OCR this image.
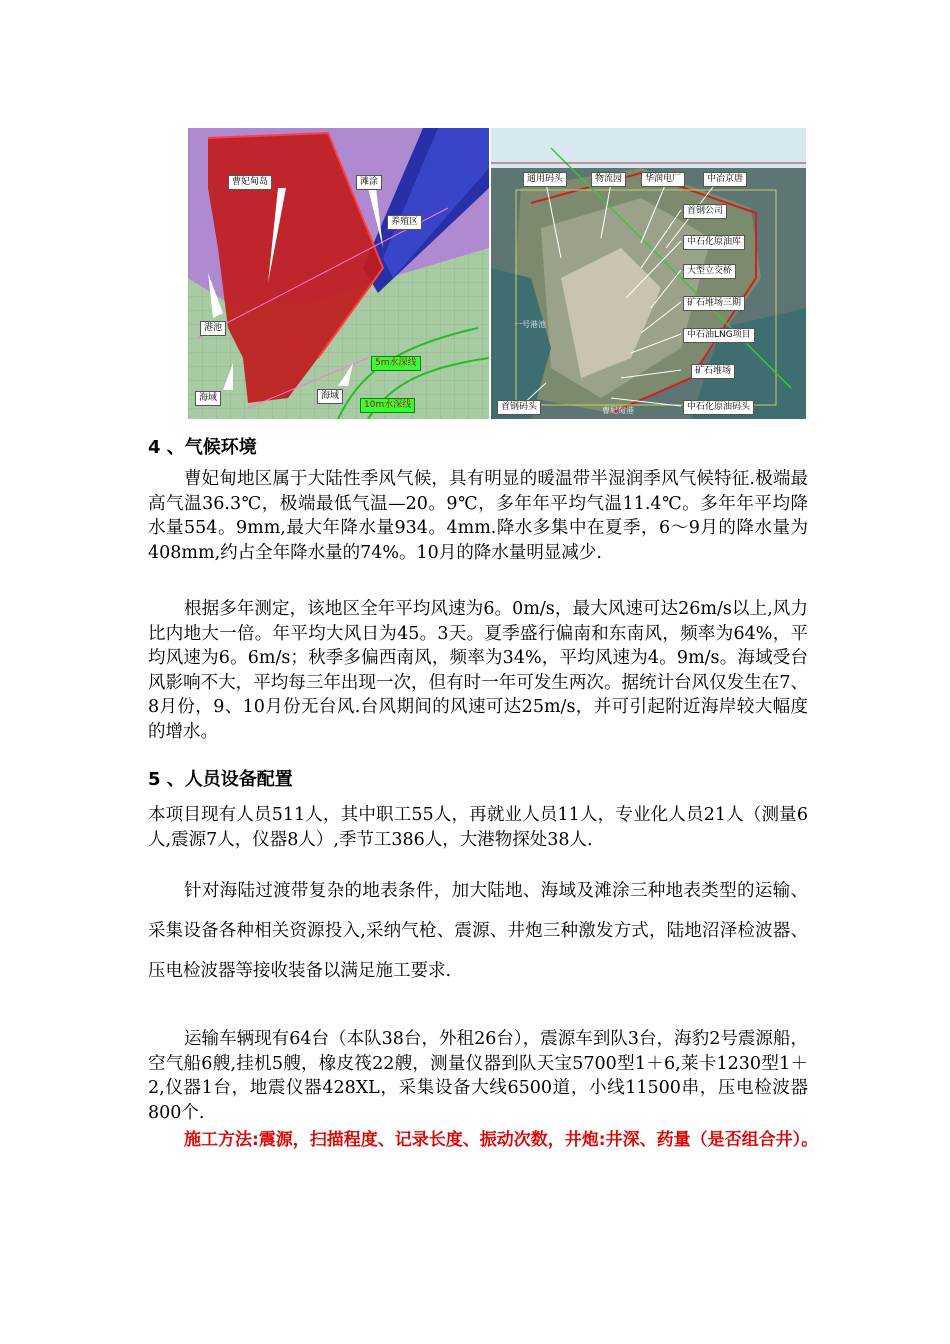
曹妃甸岛	滩涂
养殖区
港池
海域	海域
5m水深线
10m水深线
通用码头	物流园	华润电厂	中冶京唐
首钢公司
中石化原油库
大型立交桥
矿石堆场三期
中石油LNG项目
矿石堆场
首钢码头	中石化原油码头
曹妃甸港
一号港池
4 、气候环境

曹妃甸地区属于大陆性季风气候，具有明显的暖温带半湿润季风气候特征.极端最高气温36.3℃，极端最低气温—20。9℃，多年年平均气温11.4℃。多年年平均降水量554。9mm,最大年降水量934。4mm.降水多集中在夏季，6～9月的降水量为408mm,约占全年降水量的74%。10月的降水量明显减少.

根据多年测定，该地区全年平均风速为6。0m/s，最大风速可达26m/s以上,风力比内地大一倍。年平均大风日为45。3天。夏季盛行偏南和东南风，频率为64%，平均风速为6。6m/s；秋季多偏西南风，频率为34%，平均风速为4。9m/s。海域受台风影响不大，平均每三年出现一次，但有时一年可发生两次。据统计台风仅发生在7、8月份，9、10月份无台风.台风期间的风速可达25m/s，并可引起附近海岸较大幅度的增水。

5 、人员设备配置

本项目现有人员511人，其中职工55人，再就业人员11人，专业化人员21人（测量6人,震源7人，仪器8人）,季节工386人，大港物探处38人.

针对海陆过渡带复杂的地表条件，加大陆地、海域及滩涂三种地表类型的运输、采集设备各种相关资源投入,采纳气枪、震源、井炮三种激发方式，陆地沼泽检波器、压电检波器等接收装备以满足施工要求.

运输车辆现有64台（本队38台，外租26台），震源车到队3台，海豹2号震源船，空气船6艘,挂机5艘，橡皮筏22艘，测量仪器到队天宝5700型1＋6,莱卡1230型1＋2,仪器1台，地震仪器428XL，采集设备大线6500道，小线11500串，压电检波器800个.

施工方法:震源，扫描程度、记录长度、振动次数，井炮:井深、药量（是否组合井）。
